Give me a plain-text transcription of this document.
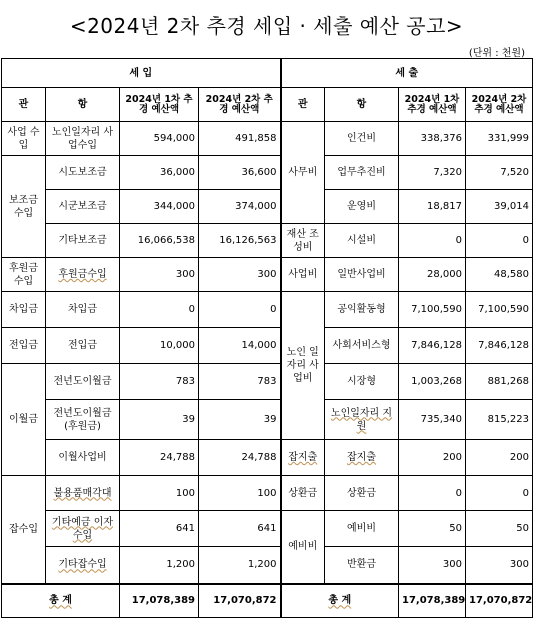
<2024년 2차 추경 세입 · 세출 예산 공고>
(단위 : 천원)
세 입				세 출			
관	항	2024년 1차 추경 예산액	2024년 2차 추경 예산액	관	항	2024년 1차 추경 예산액	2024년 2차 추경 예산액
사업 수입	노인일자리 사업수입	594,000	491,858	사무비	인건비	338,376	331,999
보조금 수입	시도보조금	36,000	36,600		업무추진비	7,320	7,520
	시군보조금	344,000	374,000		운영비	18,817	39,014
	기타보조금	16,066,538	16,126,563	재산 조성비	시설비	0	0
후원금 수입	후원금수입	300	300	사업비	일반사업비	28,000	48,580
차입금	차입금	0	0	노인 일자리 사업비	공익활동형	7,100,590	7,100,590
전입금	전입금	10,000	14,000		사회서비스형	7,846,128	7,846,128
이월금	전년도이월금	783	783		시장형	1,003,268	881,268
	전년도이월금 (후원금)	39	39		노인일자리 지원	735,340	815,223
	이월사업비	24,788	24,788	잡지출	잡지출	200	200
잡수입	불용품매각대	100	100	상환금	상환금	0	0
	기타예금 이자수입	641	641	예비비	예비비	50	50
	기타잡수입	1,200	1,200		반환금	300	300
총 계		17,078,389	17,070,872	총 계		17,078,389	17,070,872
